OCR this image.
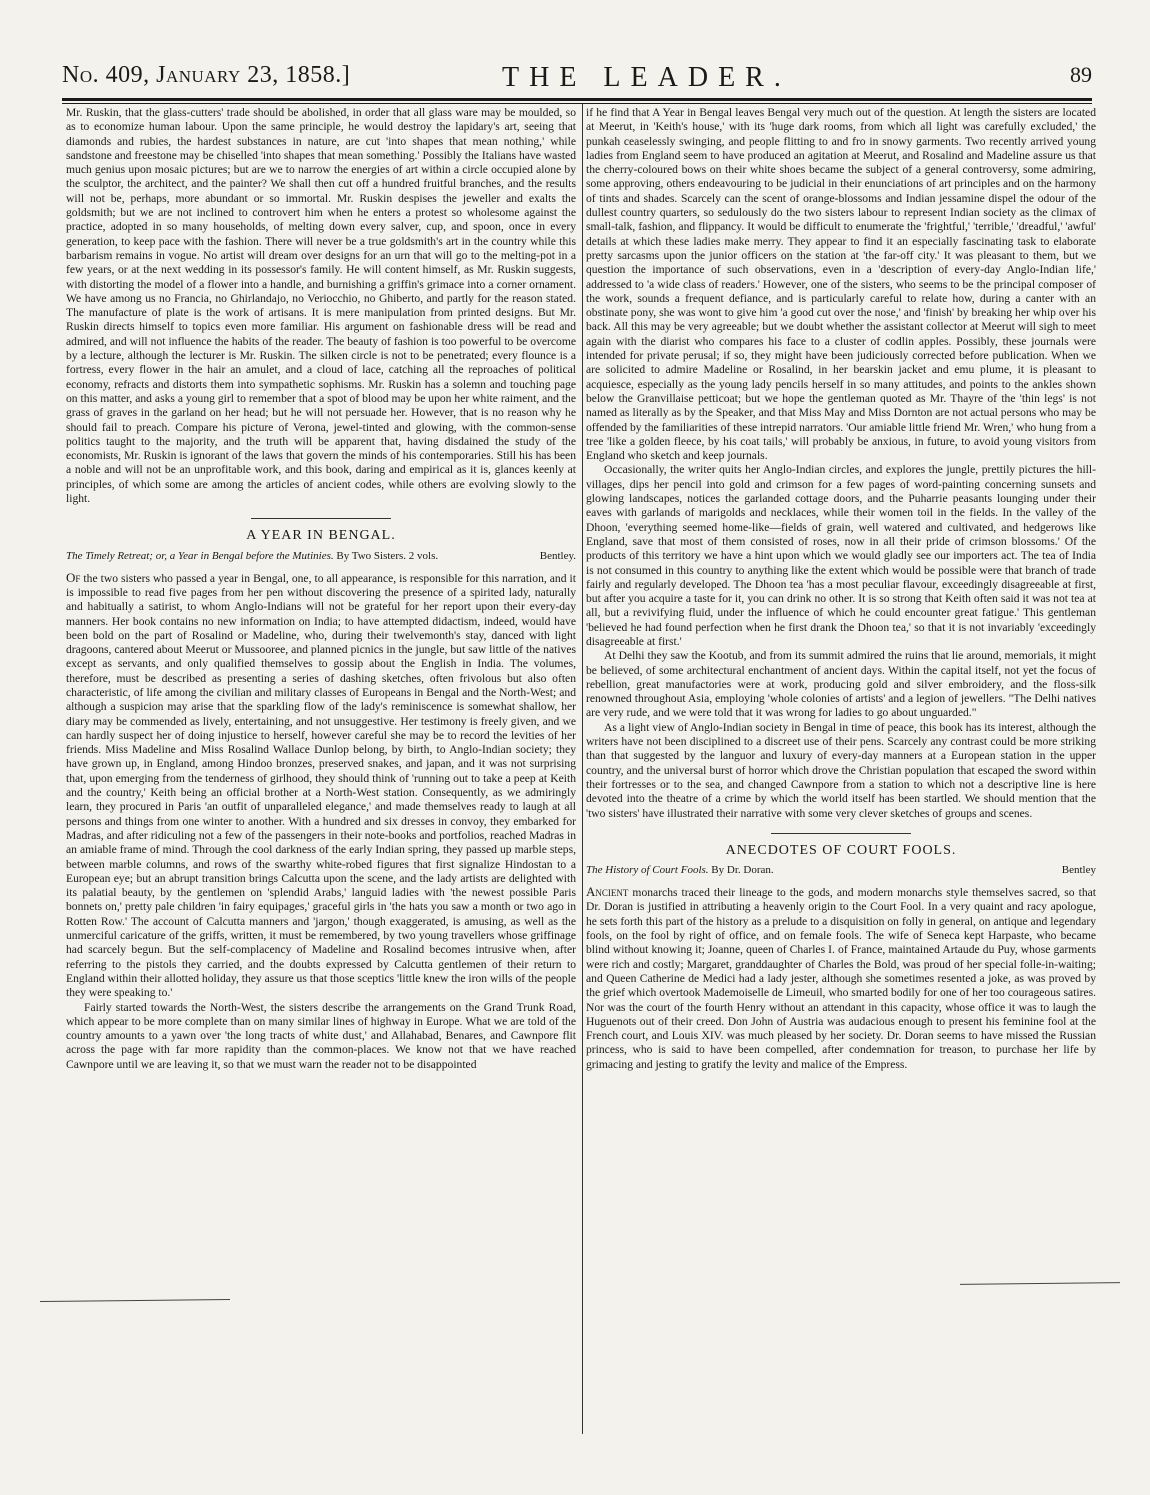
No. 409, January 23, 1858.]	THE LEADER.	89

Mr. Ruskin, that the glass-cutters' trade should be abolished, in order that all glass ware may be moulded, so as to economize human labour. Upon the same principle, he would destroy the lapidary's art, seeing that diamonds and rubies, the hardest substances in nature, are cut 'into shapes that mean nothing,' while sandstone and freestone may be chiselled 'into shapes that mean something.' Possibly the Italians have wasted much genius upon mosaic pictures; but are we to narrow the energies of art within a circle occupied alone by the sculptor, the architect, and the painter? We shall then cut off a hundred fruitful branches, and the results will not be, perhaps, more abundant or so immortal. Mr. Ruskin despises the jeweller and exalts the goldsmith; but we are not inclined to controvert him when he enters a protest so wholesome against the practice, adopted in so many households, of melting down every salver, cup, and spoon, once in every generation, to keep pace with the fashion. There will never be a true goldsmith's art in the country while this barbarism remains in vogue. No artist will dream over designs for an urn that will go to the melting-pot in a few years, or at the next wedding in its possessor's family. He will content himself, as Mr. Ruskin suggests, with distorting the model of a flower into a handle, and burnishing a griffin's grimace into a corner ornament. We have among us no Francia, no Ghirlandajo, no Veriocchio, no Ghiberto, and partly for the reason stated. The manufacture of plate is the work of artisans. It is mere manipulation from printed designs. But Mr. Ruskin directs himself to topics even more familiar. His argument on fashionable dress will be read and admired, and will not influence the habits of the reader. The beauty of fashion is too powerful to be overcome by a lecture, although the lecturer is Mr. Ruskin. The silken circle is not to be penetrated; every flounce is a fortress, every flower in the hair an amulet, and a cloud of lace, catching all the reproaches of political economy, refracts and distorts them into sympathetic sophisms. Mr. Ruskin has a solemn and touching page on this matter, and asks a young girl to remember that a spot of blood may be upon her white raiment, and the grass of graves in the garland on her head; but he will not persuade her. However, that is no reason why he should fail to preach. Compare his picture of Verona, jewel-tinted and glowing, with the common-sense politics taught to the majority, and the truth will be apparent that, having disdained the study of the economists, Mr. Ruskin is ignorant of the laws that govern the minds of his contemporaries. Still his has been a noble and will not be an unprofitable work, and this book, daring and empirical as it is, glances keenly at principles, of which some are among the articles of ancient codes, while others are evolving slowly to the light.

A YEAR IN BENGAL.
The Timely Retreat; or, a Year in Bengal before the Mutinies. By Two Sisters. 2 vols.	Bentley.

Of the two sisters who passed a year in Bengal, one, to all appearance, is responsible for this narration, and it is impossible to read five pages from her pen without discovering the presence of a spirited lady, naturally and habitually a satirist, to whom Anglo-Indians will not be grateful for her report upon their every-day manners. Her book contains no new information on India; to have attempted didactism, indeed, would have been bold on the part of Rosalind or Madeline, who, during their twelvemonth's stay, danced with light dragoons, cantered about Meerut or Mussooree, and planned picnics in the jungle, but saw little of the natives except as servants, and only qualified themselves to gossip about the English in India. The volumes, therefore, must be described as presenting a series of dashing sketches, often frivolous but also often characteristic, of life among the civilian and military classes of Europeans in Bengal and the North-West; and although a suspicion may arise that the sparkling flow of the lady's reminiscence is somewhat shallow, her diary may be commended as lively, entertaining, and not unsuggestive. Her testimony is freely given, and we can hardly suspect her of doing injustice to herself, however careful she may be to record the levities of her friends. Miss Madeline and Miss Rosalind Wallace Dunlop belong, by birth, to Anglo-Indian society; they have grown up, in England, among Hindoo bronzes, preserved snakes, and japan, and it was not surprising that, upon emerging from the tenderness of girlhood, they should think of 'running out to take a peep at Keith and the country,' Keith being an official brother at a North-West station. Consequently, as we admiringly learn, they procured in Paris 'an outfit of unparalleled elegance,' and made themselves ready to laugh at all persons and things from one winter to another. With a hundred and six dresses in convoy, they embarked for Madras, and after ridiculing not a few of the passengers in their note-books and portfolios, reached Madras in an amiable frame of mind. Through the cool darkness of the early Indian spring, they passed up marble steps, between marble columns, and rows of the swarthy white-robed figures that first signalize Hindostan to a European eye; but an abrupt transition brings Calcutta upon the scene, and the lady artists are delighted with its palatial beauty, by the gentlemen on 'splendid Arabs,' languid ladies with 'the newest possible Paris bonnets on,' pretty pale children 'in fairy equipages,' graceful girls in 'the hats you saw a month or two ago in Rotten Row.' The account of Calcutta manners and 'jargon,' though exaggerated, is amusing, as well as the unmerciful caricature of the griffs, written, it must be remembered, by two young travellers whose griffinage had scarcely begun. But the self-complacency of Madeline and Rosalind becomes intrusive when, after referring to the pistols they carried, and the doubts expressed by Calcutta gentlemen of their return to England within their allotted holiday, they assure us that those sceptics 'little knew the iron wills of the people they were speaking to.'

Fairly started towards the North-West, the sisters describe the arrangements on the Grand Trunk Road, which appear to be more complete than on many similar lines of highway in Europe. What we are told of the country amounts to a yawn over 'the long tracts of white dust,' and Allahabad, Benares, and Cawnpore flit across the page with far more rapidity than the common-places. We know not that we have reached Cawnpore until we are leaving it, so that we must warn the reader not to be disappointed

if he find that A Year in Bengal leaves Bengal very much out of the question. At length the sisters are located at Meerut, in 'Keith's house,' with its 'huge dark rooms, from which all light was carefully excluded,' the punkah ceaselessly swinging, and people flitting to and fro in snowy garments. Two recently arrived young ladies from England seem to have produced an agitation at Meerut, and Rosalind and Madeline assure us that the cherry-coloured bows on their white shoes became the subject of a general controversy, some admiring, some approving, others endeavouring to be judicial in their enunciations of art principles and on the harmony of tints and shades. Scarcely can the scent of orange-blossoms and Indian jessamine dispel the odour of the dullest country quarters, so sedulously do the two sisters labour to represent Indian society as the climax of small-talk, fashion, and flippancy. It would be difficult to enumerate the 'frightful,' 'terrible,' 'dreadful,' 'awful' details at which these ladies make merry. They appear to find it an especially fascinating task to elaborate pretty sarcasms upon the junior officers on the station at 'the far-off city.' It was pleasant to them, but we question the importance of such observations, even in a 'description of every-day Anglo-Indian life,' addressed to 'a wide class of readers.' However, one of the sisters, who seems to be the principal composer of the work, sounds a frequent defiance, and is particularly careful to relate how, during a canter with an obstinate pony, she was wont to give him 'a good cut over the nose,' and 'finish' by breaking her whip over his back. All this may be very agreeable; but we doubt whether the assistant collector at Meerut will sigh to meet again with the diarist who compares his face to a cluster of codlin apples. Possibly, these journals were intended for private perusal; if so, they might have been judiciously corrected before publication. When we are solicited to admire Madeline or Rosalind, in her bearskin jacket and emu plume, it is pleasant to acquiesce, especially as the young lady pencils herself in so many attitudes, and points to the ankles shown below the Granvillaise petticoat; but we hope the gentleman quoted as Mr. Thayre of the 'thin legs' is not named as literally as by the Speaker, and that Miss May and Miss Dornton are not actual persons who may be offended by the familiarities of these intrepid narrators. 'Our amiable little friend Mr. Wren,' who hung from a tree 'like a golden fleece, by his coat tails,' will probably be anxious, in future, to avoid young visitors from England who sketch and keep journals.

Occasionally, the writer quits her Anglo-Indian circles, and explores the jungle, prettily pictures the hill-villages, dips her pencil into gold and crimson for a few pages of word-painting concerning sunsets and glowing landscapes, notices the garlanded cottage doors, and the Puharrie peasants lounging under their eaves with garlands of marigolds and necklaces, while their women toil in the fields. In the valley of the Dhoon, 'everything seemed home-like—fields of grain, well watered and cultivated, and hedgerows like England, save that most of them consisted of roses, now in all their pride of crimson blossoms.' Of the products of this territory we have a hint upon which we would gladly see our importers act. The tea of India is not consumed in this country to anything like the extent which would be possible were that branch of trade fairly and regularly developed. The Dhoon tea 'has a most peculiar flavour, exceedingly disagreeable at first, but after you acquire a taste for it, you can drink no other. It is so strong that Keith often said it was not tea at all, but a revivifying fluid, under the influence of which he could encounter great fatigue.' This gentleman 'believed he had found perfection when he first drank the Dhoon tea,' so that it is not invariably 'exceedingly disagreeable at first.'

At Delhi they saw the Kootub, and from its summit admired the ruins that lie around, memorials, it might be believed, of some architectural enchantment of ancient days. Within the capital itself, not yet the focus of rebellion, great manufactories were at work, producing gold and silver embroidery, and the floss-silk renowned throughout Asia, employing 'whole colonies of artists' and a legion of jewellers. "The Delhi natives are very rude, and we were told that it was wrong for ladies to go about unguarded."

As a light view of Anglo-Indian society in Bengal in time of peace, this book has its interest, although the writers have not been disciplined to a discreet use of their pens. Scarcely any contrast could be more striking than that suggested by the languor and luxury of every-day manners at a European station in the upper country, and the universal burst of horror which drove the Christian population that escaped the sword within their fortresses or to the sea, and changed Cawnpore from a station to which not a descriptive line is here devoted into the theatre of a crime by which the world itself has been startled. We should mention that the 'two sisters' have illustrated their narrative with some very clever sketches of groups and scenes.

ANECDOTES OF COURT FOOLS.
The History of Court Fools. By Dr. Doran.	Bentley

Ancient monarchs traced their lineage to the gods, and modern monarchs style themselves sacred, so that Dr. Doran is justified in attributing a heavenly origin to the Court Fool. In a very quaint and racy apologue, he sets forth this part of the history as a prelude to a disquisition on folly in general, on antique and legendary fools, on the fool by right of office, and on female fools. The wife of Seneca kept Harpaste, who became blind without knowing it; Joanne, queen of Charles I. of France, maintained Artaude du Puy, whose garments were rich and costly; Margaret, granddaughter of Charles the Bold, was proud of her special folle-in-waiting; and Queen Catherine de Medici had a lady jester, although she sometimes resented a joke, as was proved by the grief which overtook Mademoiselle de Limeuil, who smarted bodily for one of her too courageous satires. Nor was the court of the fourth Henry without an attendant in this capacity, whose office it was to laugh the Huguenots out of their creed. Don John of Austria was audacious enough to present his feminine fool at the French court, and Louis XIV. was much pleased by her society. Dr. Doran seems to have missed the Russian princess, who is said to have been compelled, after condemnation for treason, to purchase her life by grimacing and jesting to gratify the levity and malice of the Empress.
